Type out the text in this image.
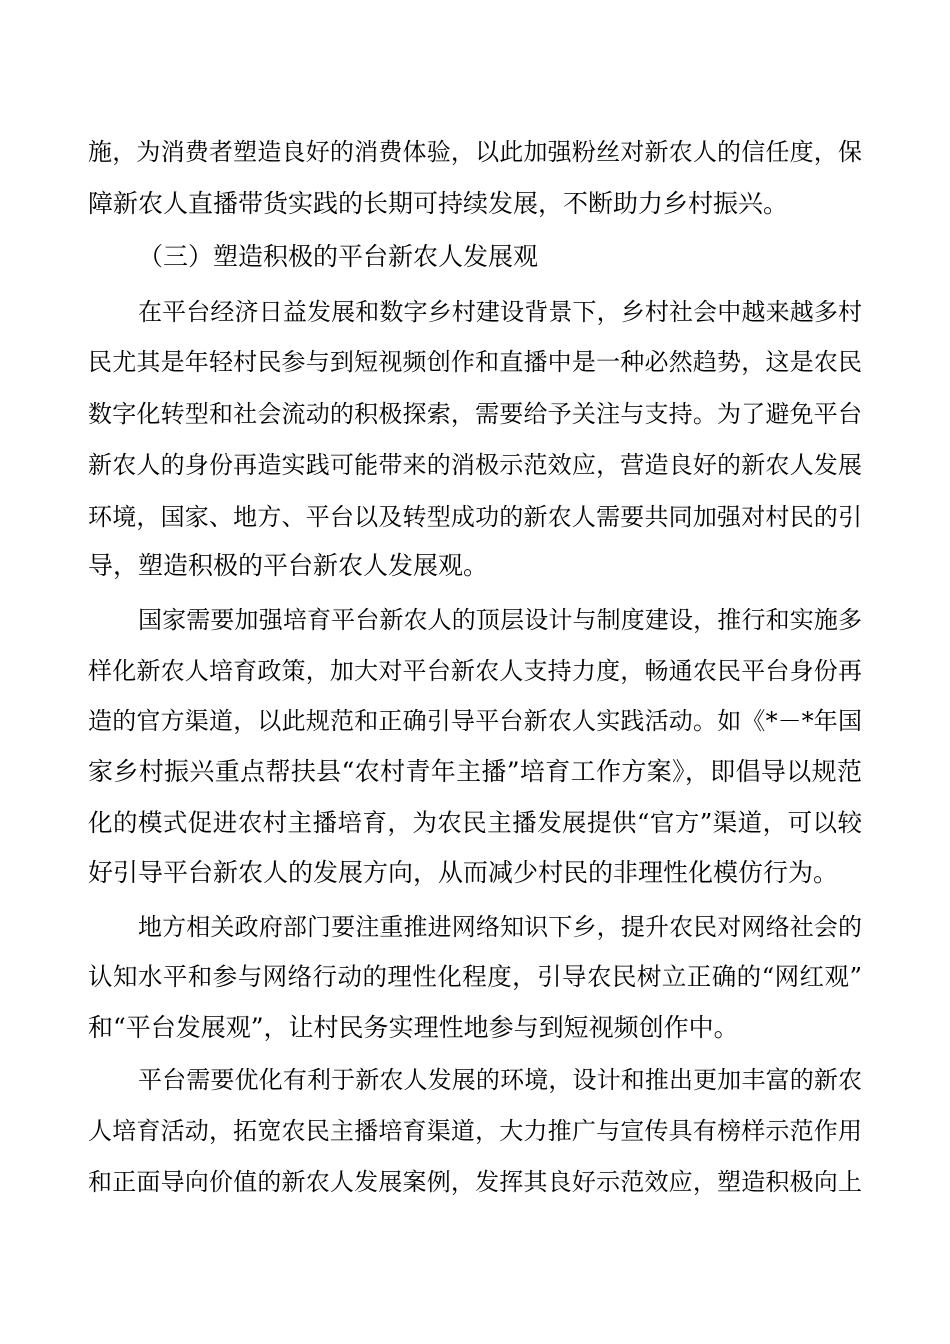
施，为消费者塑造良好的消费体验，以此加强粉丝对新农人的信任度，保
障新农人直播带货实践的长期可持续发展，不断助力乡村振兴。
（三）塑造积极的平台新农人发展观
在平台经济日益发展和数字乡村建设背景下，乡村社会中越来越多村
民尤其是年轻村民参与到短视频创作和直播中是一种必然趋势，这是农民
数字化转型和社会流动的积极探索，需要给予关注与支持。为了避免平台
新农人的身份再造实践可能带来的消极示范效应，营造良好的新农人发展
环境，国家、地方、平台以及转型成功的新农人需要共同加强对村民的引
导，塑造积极的平台新农人发展观。
国家需要加强培育平台新农人的顶层设计与制度建设，推行和实施多
样化新农人培育政策，加大对平台新农人支持力度，畅通农民平台身份再
造的官方渠道，以此规范和正确引导平台新农人实践活动。如《*－*年国
家乡村振兴重点帮扶县“农村青年主播”培育工作方案》，即倡导以规范
化的模式促进农村主播培育，为农民主播发展提供“官方”渠道，可以较
好引导平台新农人的发展方向，从而减少村民的非理性化模仿行为。
地方相关政府部门要注重推进网络知识下乡，提升农民对网络社会的
认知水平和参与网络行动的理性化程度，引导农民树立正确的“网红观”
和“平台发展观”，让村民务实理性地参与到短视频创作中。
平台需要优化有利于新农人发展的环境，设计和推出更加丰富的新农
人培育活动，拓宽农民主播培育渠道，大力推广与宣传具有榜样示范作用
和正面导向价值的新农人发展案例，发挥其良好示范效应，塑造积极向上
